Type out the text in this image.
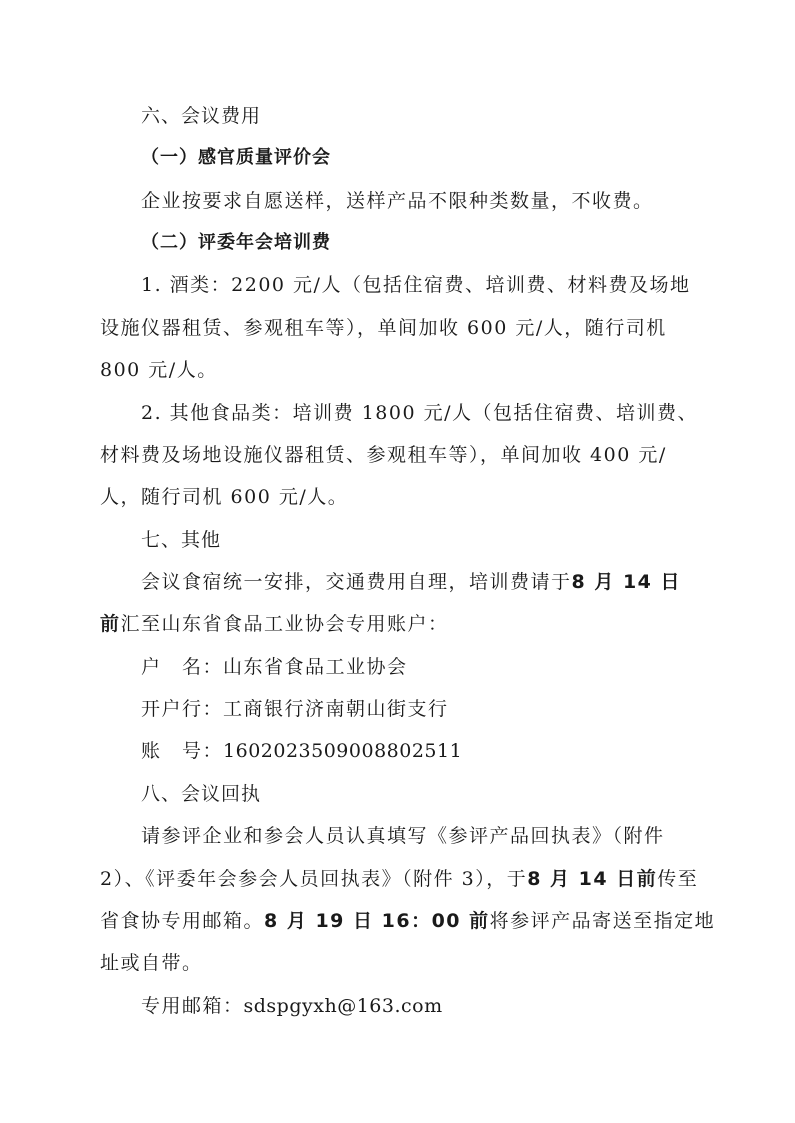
六、会议费用
（一）感官质量评价会
企业按要求自愿送样，送样产品不限种类数量，不收费。
（二）评委年会培训费
1. 酒类：2200 元/人（包括住宿费、培训费、材料费及场地
设施仪器租赁、参观租车等），单间加收 600 元/人，随行司机
800 元/人。
2. 其他食品类：培训费 1800 元/人（包括住宿费、培训费、
材料费及场地设施仪器租赁、参观租车等），单间加收 400 元/
人，随行司机 600 元/人。
七、其他
会议食宿统一安排，交通费用自理，培训费请于8 月 14 日
前汇至山东省食品工业协会专用账户：
户　名：山东省食品工业协会
开户行：工商银行济南朝山街支行
账　号：1602023509008802511
八、会议回执
请参评企业和参会人员认真填写《参评产品回执表》（附件
2）、《评委年会参会人员回执表》（附件 3），于8 月 14 日前传至
省食协专用邮箱。8 月 19 日 16：00 前将参评产品寄送至指定地
址或自带。
专用邮箱：sdspgyxh@163.com
